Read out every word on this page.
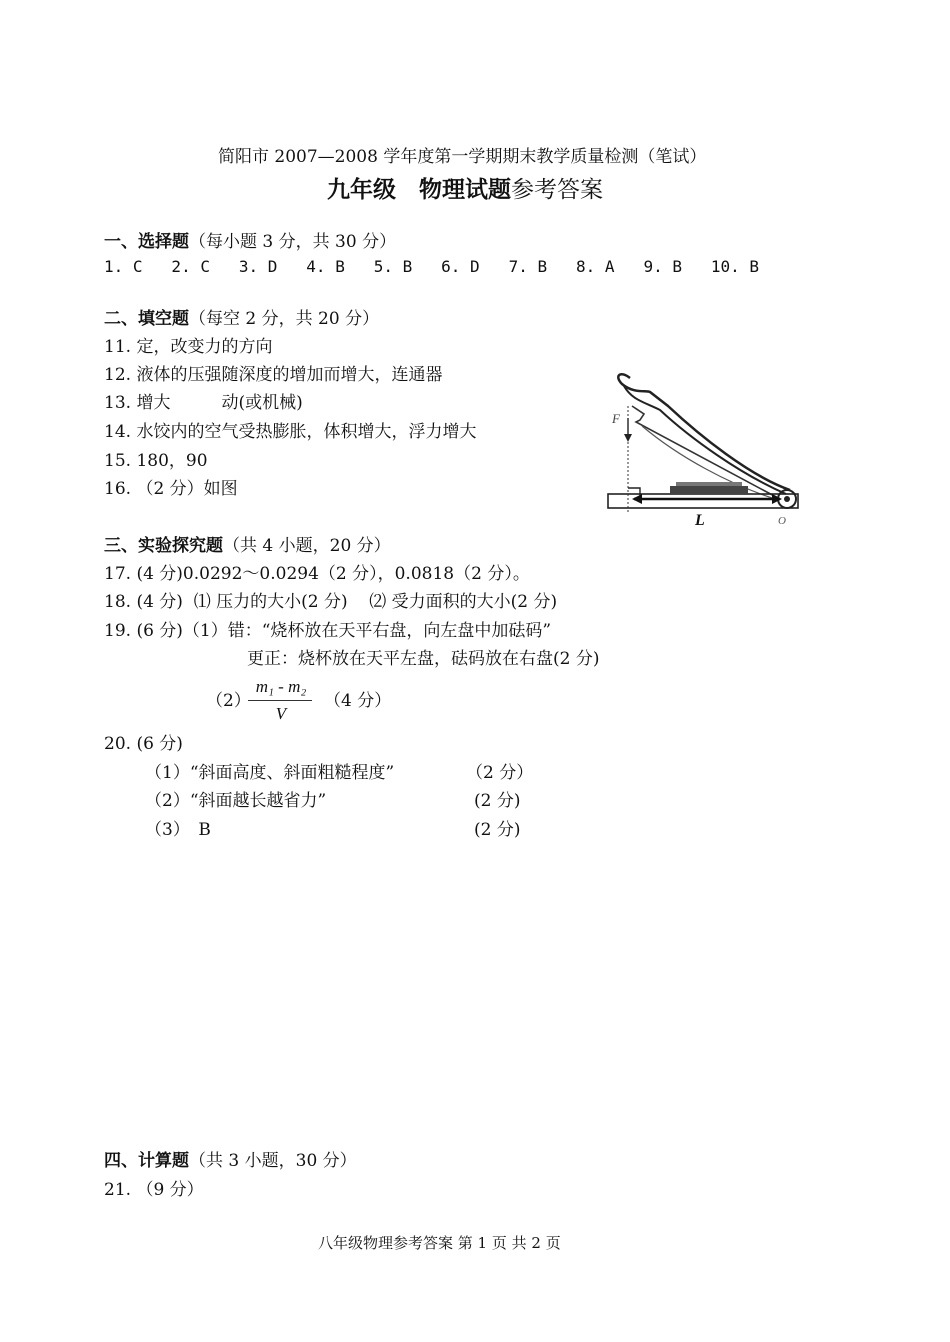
简阳市 2007—2008 学年度第一学期期末教学质量检测（笔试）
九年级　物理试题参考答案
一、选择题（每小题 3 分，共 30 分）
1. C   2. C   3. D   4. B   5. B   6. D   7. B   8. A   9. B   10. B
二、填空题（每空 2 分，共 20 分）
11. 定，改变力的方向
12. 液体的压强随深度的增加而增大，连通器
13. 增大　　　动(或机械)
14. 水饺内的空气受热膨胀，体积增大，浮力增大
15. 180，90
16. （2 分）如图
F
L	O
三、实验探究题（共 4 小题，20 分）
17. (4 分)0.0292～0.0294（2 分），0.0818（2 分）。
18. (4 分)  ⑴ 压力的大小(2 分)    ⑵ 受力面积的大小(2 分)
19. (6 分)（1）错：“烧杯放在天平右盘，向左盘中加砝码”
更正：烧杯放在天平左盘，砝码放在右盘(2 分)
（2）
m₁ - m₂
V
（4 分）
20. (6 分)
（1）“斜面高度、斜面粗糙程度”	（2 分）
（2）“斜面越长越省力”	(2 分)
（3）　B	(2 分)
四、计算题（共 3 小题，30 分）
21. （9 分）
八年级物理参考答案 第 1 页 共 2 页
